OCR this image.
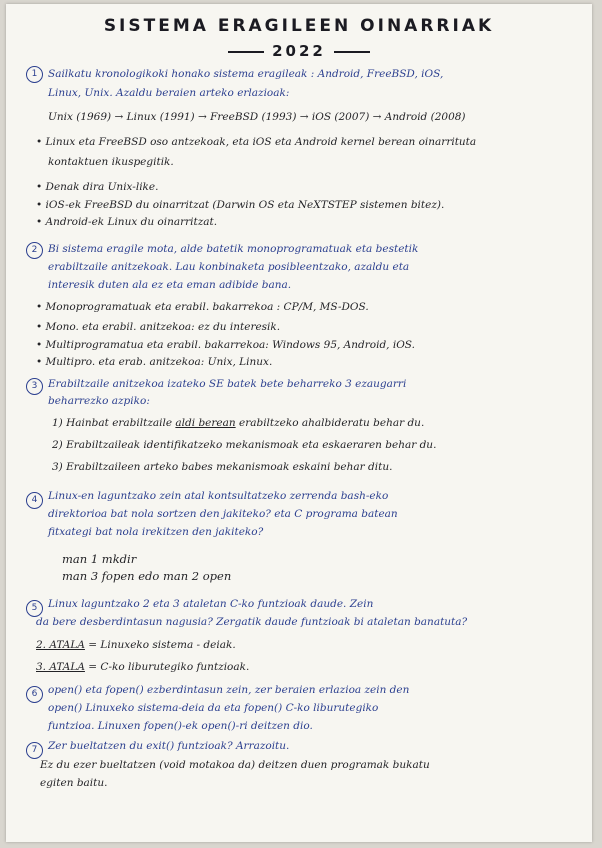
SISTEMA ERAGILEEN OINARRIAK
2022
1	Sailkatu kronologikoki honako sistema eragileak : Android, FreeBSD, iOS,
Linux, Unix. Azaldu beraien arteko erlazioak:
Unix (1969) → Linux (1991) → FreeBSD (1993) → iOS (2007) → Android (2008)
• Linux eta FreeBSD oso antzekoak, eta iOS eta Android kernel berean oinarrituta
kontaktuen ikuspegitik.
• Denak dira Unix-like.
• iOS-ek FreeBSD du oinarritzat (Darwin OS eta NeXTSTEP sistemen bitez).
• Android-ek Linux du oinarritzat.
2	Bi sistema eragile mota, alde batetik monoprogramatuak eta bestetik
erabiltzaile anitzekoak. Lau konbinaketa posibleentzako, azaldu eta
interesik duten ala ez eta eman adibide bana.
• Monoprogramatuak eta erabil. bakarrekoa : CP/M, MS-DOS.
• Mono. eta erabil. anitzekoa: ez du interesik.
• Multiprogramatua eta erabil. bakarrekoa: Windows 95, Android, iOS.
• Multipro. eta erab. anitzekoa: Unix, Linux.
3	Erabiltzaile anitzekoa izateko SE batek bete beharreko 3 ezaugarri
beharrezko azpiko:
1) Hainbat erabiltzaile aldi berean erabiltzeko ahalbideratu behar du.
2) Erabiltzaileak identifikatzeko mekanismoak eta eskaeraren behar du.
3) Erabiltzaileen arteko babes mekanismoak eskaini behar ditu.
4	Linux-en laguntzako zein atal kontsultatzeko zerrenda bash-eko
direktorioa bat nola sortzen den jakiteko? eta C programa batean
fitxategi bat nola irekitzen den jakiteko?
man 1 mkdir
man 3 fopen edo man 2 open
5	Linux laguntzako 2 eta 3 ataletan C-ko funtzioak daude. Zein
da bere desberdintasun nagusia? Zergatik daude funtzioak bi ataletan banatuta?
2. ATALA = Linuxeko sistema - deiak.
3. ATALA = C-ko liburutegiko funtzioak.
6	open() eta fopen() ezberdintasun zein, zer beraien erlazioa zein den
open() Linuxeko sistema-deia da eta fopen() C-ko liburutegiko
funtzioa. Linuxen fopen()-ek open()-ri deitzen dio.
7	Zer bueltatzen du exit() funtzioak? Arrazoitu.
Ez du ezer bueltatzen (void motakoa da) deitzen duen programak bukatu
egiten baitu.
